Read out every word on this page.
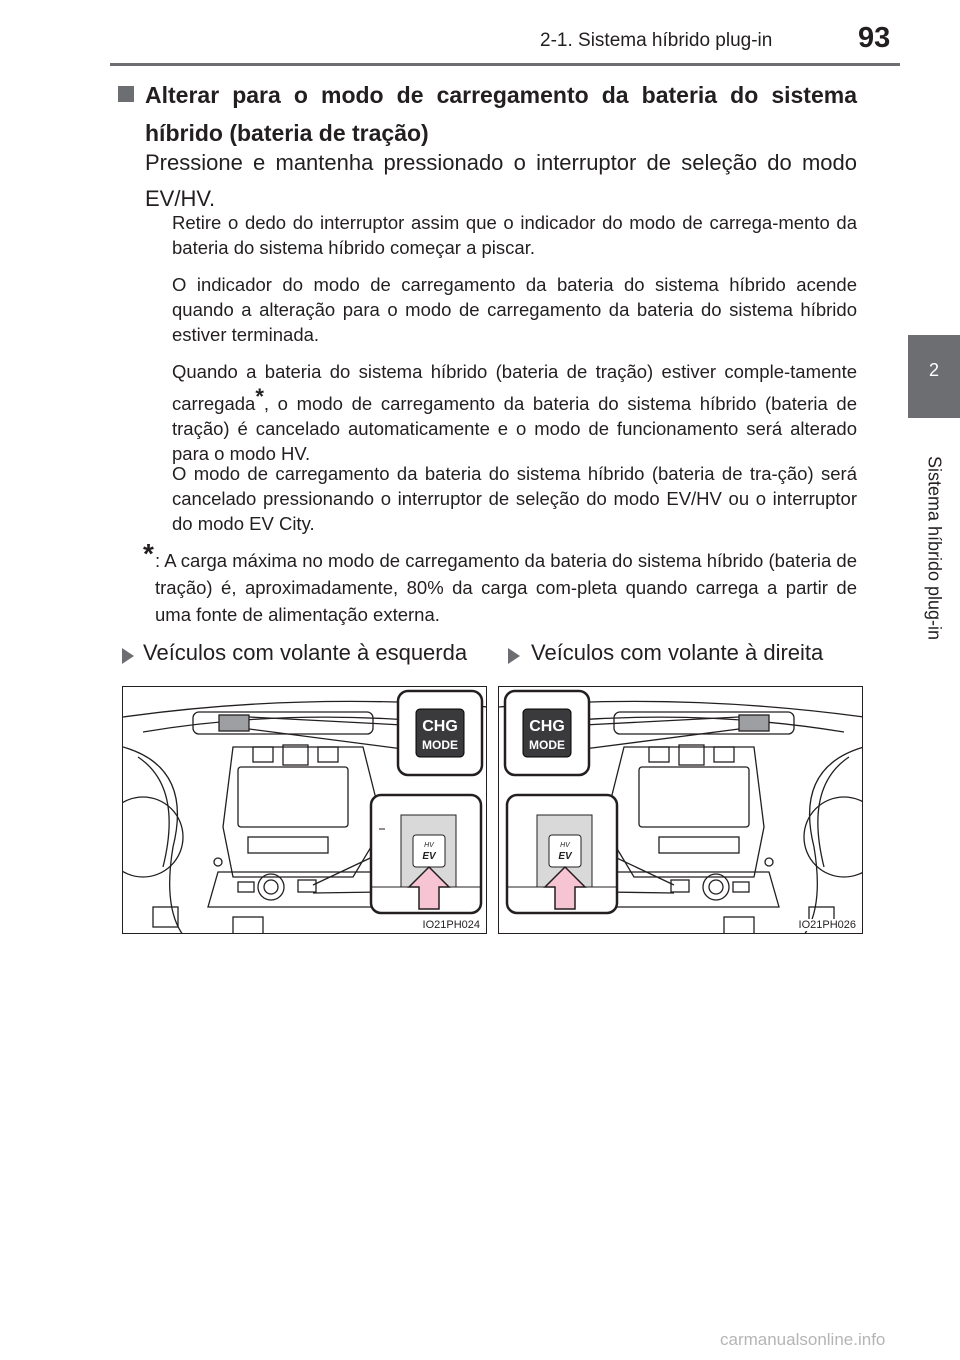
2-1. Sistema híbrido plug-in	93
2
Sistema híbrido plug-in
Alterar para o modo de carregamento da bateria do sistema híbrido (bateria de tração)
Pressione e mantenha pressionado o interruptor de seleção do modo EV/HV.
Retire o dedo do interruptor assim que o indicador do modo de carrega-mento da bateria do sistema híbrido começar a piscar.
O indicador do modo de carregamento da bateria do sistema híbrido acende quando a alteração para o modo de carregamento da bateria do sistema híbrido estiver terminada.
Quando a bateria do sistema híbrido (bateria de tração) estiver comple-tamente carregada*, o modo de carregamento da bateria do sistema híbrido (bateria de tração) é cancelado automaticamente e o modo de funcionamento será alterado para o modo HV.
O modo de carregamento da bateria do sistema híbrido (bateria de tra-ção) será cancelado pressionando o interruptor de seleção do modo EV/HV ou o interruptor do modo EV City.
* : A carga máxima no modo de carregamento da bateria do sistema híbrido (bateria de tração) é, aproximadamente, 80% da carga com-pleta quando carrega a partir de uma fonte de alimentação externa.
Veículos com volante à esquerda	Veículos com volante à direita
CHG
MODE
HV
EV
IO21PH024
CHG
MODE
HV
EV
IO21PH026
carmanualsonline.info
